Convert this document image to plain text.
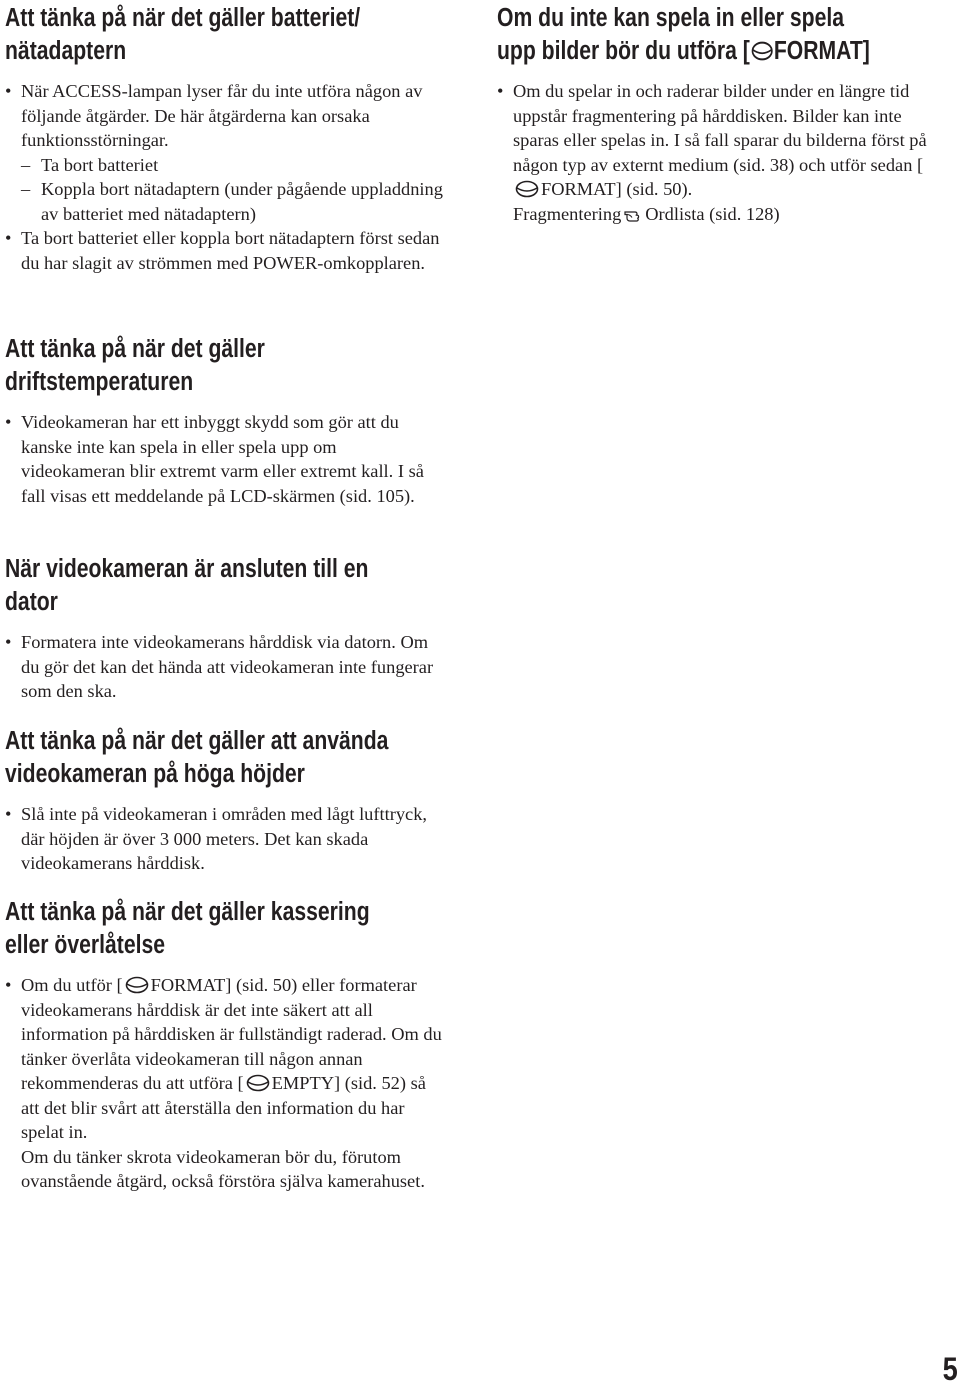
Att tänka på när det gäller batteriet/
nätadaptern
• När ACCESS-lampan lyser får du inte utföra någon av följande åtgärder. De här åtgärderna kan orsaka funktionsstörningar.
– Ta bort batteriet
– Koppla bort nätadaptern (under pågående uppladdning av batteriet med nätadaptern)
• Ta bort batteriet eller koppla bort nätadaptern först sedan du har slagit av strömmen med POWER-omkopplaren.
Att tänka på när det gäller
driftstemperaturen
• Videokameran har ett inbyggt skydd som gör att du kanske inte kan spela in eller spela upp om videokameran blir extremt varm eller extremt kall. I så fall visas ett meddelande på LCD-skärmen (sid. 105).
När videokameran är ansluten till en
dator
• Formatera inte videokamerans hårddisk via datorn. Om du gör det kan det hända att videokameran inte fungerar som den ska.
Att tänka på när det gäller att använda
videokameran på höga höjder
• Slå inte på videokameran i områden med lågt lufttryck, där höjden är över 3 000 meters. Det kan skada videokamerans hårddisk.
Att tänka på när det gäller kassering
eller överlåtelse
• Om du utför [ FORMAT] (sid. 50) eller formaterar videokamerans hårddisk är det inte säkert att all information på hårddisken är fullständigt raderad. Om du tänker överlåta videokameran till någon annan rekommenderas du att utföra [ EMPTY] (sid. 52) så att det blir svårt att återställa den information du har spelat in.
Om du tänker skrota videokameran bör du, förutom ovanstående åtgärd, också förstöra själva kamerahuset.
Om du inte kan spela in eller spela
upp bilder bör du utföra [ FORMAT]
• Om du spelar in och raderar bilder under en längre tid uppstår fragmentering på hårddisken. Bilder kan inte sparas eller spelas in. I så fall sparar du bilderna först på någon typ av externt medium (sid. 38) och utför sedan [FORMAT] (sid. 50).
Fragmentering Ordlista (sid. 128)
5
